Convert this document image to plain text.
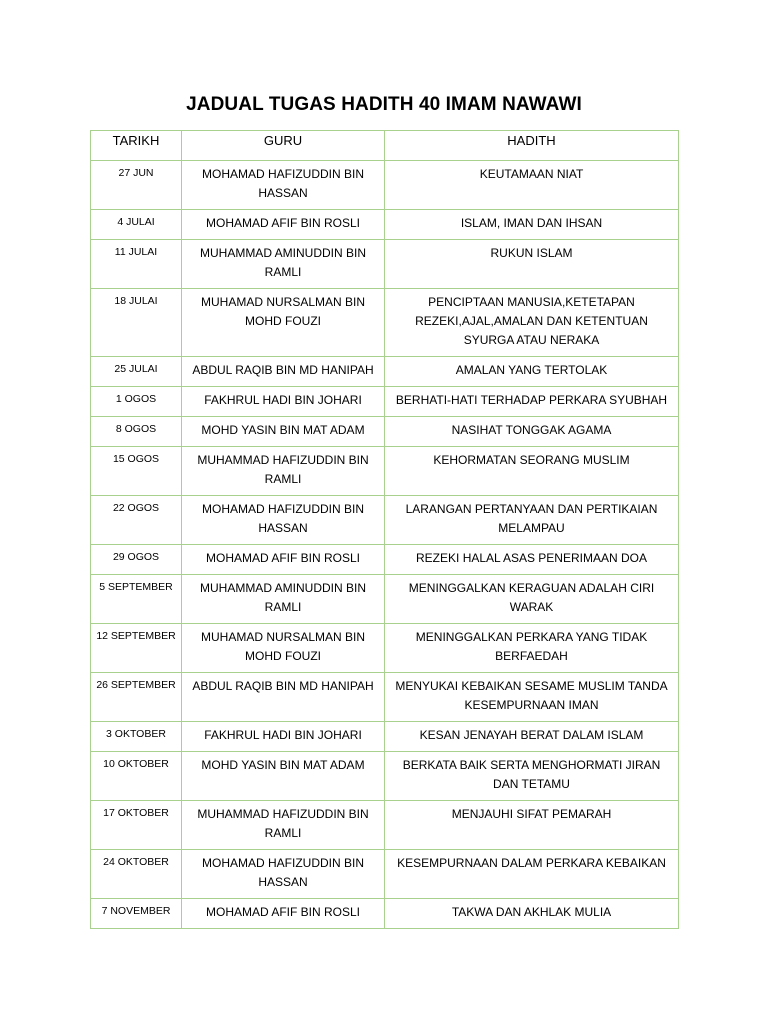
JADUAL TUGAS HADITH 40 IMAM NAWAWI
TARIKH	GURU	HADITH
27 JUN	MOHAMAD HAFIZUDDIN BIN HASSAN	KEUTAMAAN NIAT
4 JULAI	MOHAMAD AFIF BIN ROSLI	ISLAM, IMAN DAN IHSAN
11 JULAI	MUHAMMAD AMINUDDIN BIN RAMLI	RUKUN ISLAM
18 JULAI	MUHAMAD NURSALMAN BIN MOHD FOUZI	PENCIPTAAN MANUSIA,KETETAPAN REZEKI,AJAL,AMALAN DAN KETENTUAN SYURGA ATAU NERAKA
25 JULAI	ABDUL RAQIB BIN MD HANIPAH	AMALAN YANG TERTOLAK
1 OGOS	FAKHRUL HADI BIN JOHARI	BERHATI-HATI TERHADAP PERKARA SYUBHAH
8 OGOS	MOHD YASIN BIN MAT ADAM	NASIHAT TONGGAK AGAMA
15 OGOS	MUHAMMAD HAFIZUDDIN BIN RAMLI	KEHORMATAN SEORANG MUSLIM
22 OGOS	MOHAMAD HAFIZUDDIN BIN HASSAN	LARANGAN PERTANYAAN DAN PERTIKAIAN MELAMPAU
29 OGOS	MOHAMAD AFIF BIN ROSLI	REZEKI HALAL ASAS PENERIMAAN DOA
5 SEPTEMBER	MUHAMMAD AMINUDDIN BIN RAMLI	MENINGGALKAN KERAGUAN ADALAH CIRI WARAK
12 SEPTEMBER	MUHAMAD NURSALMAN BIN MOHD FOUZI	MENINGGALKAN PERKARA YANG TIDAK BERFAEDAH
26 SEPTEMBER	ABDUL RAQIB BIN MD HANIPAH	MENYUKAI KEBAIKAN SESAME MUSLIM TANDA KESEMPURNAAN IMAN
3 OKTOBER	FAKHRUL HADI BIN JOHARI	KESAN JENAYAH BERAT DALAM ISLAM
10 OKTOBER	MOHD YASIN BIN MAT ADAM	BERKATA BAIK SERTA MENGHORMATI JIRAN DAN TETAMU
17 OKTOBER	MUHAMMAD HAFIZUDDIN BIN RAMLI	MENJAUHI SIFAT PEMARAH
24 OKTOBER	MOHAMAD HAFIZUDDIN BIN HASSAN	KESEMPURNAAN DALAM PERKARA KEBAIKAN
7 NOVEMBER	MOHAMAD AFIF BIN ROSLI	TAKWA DAN AKHLAK MULIA
